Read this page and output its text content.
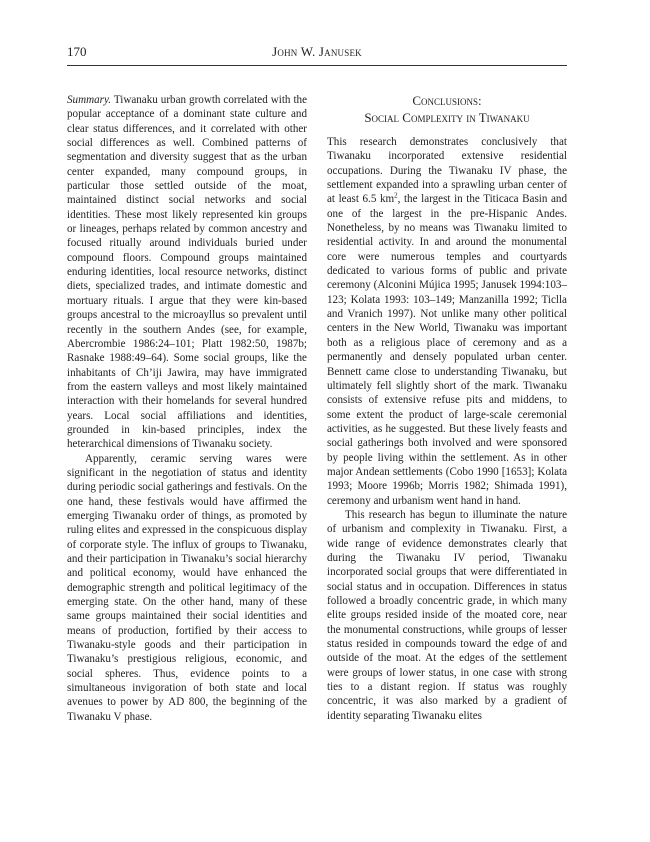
170	John W. Janusek

Summary. Tiwanaku urban growth correlated with the popular acceptance of a dominant state culture and clear status differences, and it correlated with other social differences as well. Combined patterns of segmentation and diversity suggest that as the urban center expanded, many compound groups, in particular those settled outside of the moat, maintained distinct social networks and social identities. These most likely represented kin groups or lineages, perhaps related by common ancestry and focused ritually around individuals buried under compound floors. Compound groups maintained enduring identities, local resource networks, distinct diets, specialized trades, and intimate domestic and mortuary rituals. I argue that they were kin-based groups ancestral to the microayllus so prevalent until recently in the southern Andes (see, for example, Abercrombie 1986:24–101; Platt 1982:50, 1987b; Rasnake 1988:49–64). Some social groups, like the inhabitants of Ch’iji Jawira, may have immigrated from the eastern valleys and most likely maintained interaction with their homelands for several hundred years. Local social affiliations and identities, grounded in kin-based principles, index the heterarchical dimensions of Tiwanaku society.

Apparently, ceramic serving wares were significant in the negotiation of status and identity during periodic social gatherings and festivals. On the one hand, these festivals would have affirmed the emerging Tiwanaku order of things, as promoted by ruling elites and expressed in the conspicuous display of corporate style. The influx of groups to Tiwanaku, and their participation in Tiwanaku’s social hierarchy and political economy, would have enhanced the demographic strength and political legitimacy of the emerging state. On the other hand, many of these same groups maintained their social identities and means of production, fortified by their access to Tiwanaku-style goods and their participation in Tiwanaku’s prestigious religious, economic, and social spheres. Thus, evidence points to a simultaneous invigoration of both state and local avenues to power by AD 800, the beginning of the Tiwanaku V phase.

Conclusions:
Social Complexity in Tiwanaku

This research demonstrates conclusively that Tiwanaku incorporated extensive residential occupations. During the Tiwanaku IV phase, the settlement expanded into a sprawling urban center of at least 6.5 $km^2$, the largest in the Titicaca Basin and one of the largest in the pre-Hispanic Andes. Nonetheless, by no means was Tiwanaku limited to residential activity. In and around the monumental core were numerous temples and courtyards dedicated to various forms of public and private ceremony (Alconini Mújica 1995; Janusek 1994:103–123; Kolata 1993: 103–149; Manzanilla 1992; Ticlla and Vranich 1997). Not unlike many other political centers in the New World, Tiwanaku was important both as a religious place of ceremony and as a permanently and densely populated urban center. Bennett came close to understanding Tiwanaku, but ultimately fell slightly short of the mark. Tiwanaku consists of extensive refuse pits and middens, to some extent the product of large-scale ceremonial activities, as he suggested. But these lively feasts and social gatherings both involved and were sponsored by people living within the settlement. As in other major Andean settlements (Cobo 1990 [1653]; Kolata 1993; Moore 1996b; Morris 1982; Shimada 1991), ceremony and urbanism went hand in hand.

This research has begun to illuminate the nature of urbanism and complexity in Tiwanaku. First, a wide range of evidence demonstrates clearly that during the Tiwanaku IV period, Tiwanaku incorporated social groups that were differentiated in social status and in occupation. Differences in status followed a broadly concentric grade, in which many elite groups resided inside of the moated core, near the monumental constructions, while groups of lesser status resided in compounds toward the edge of and outside of the moat. At the edges of the settlement were groups of lower status, in one case with strong ties to a distant region. If status was roughly concentric, it was also marked by a gradient of identity separating Tiwanaku elites
